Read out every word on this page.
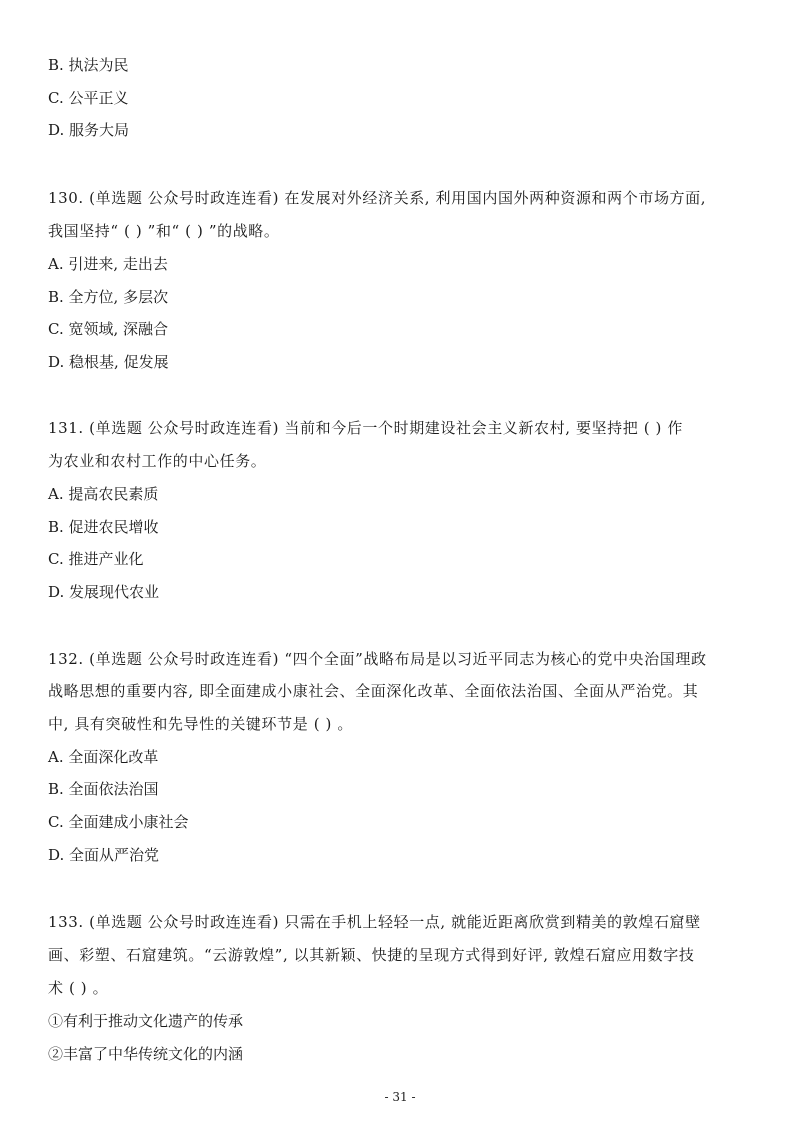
B. 执法为民
C. 公平正义
D. 服务大局
130. (单选题 公众号时政连连看) 在发展对外经济关系, 利用国内国外两种资源和两个市场方面,
我国坚持“ ( ) ”和“ ( ) ”的战略。
A. 引进来, 走出去
B. 全方位, 多层次
C. 宽领域, 深融合
D. 稳根基, 促发展
131. (单选题 公众号时政连连看) 当前和今后一个时期建设社会主义新农村, 要坚持把 ( ) 作
为农业和农村工作的中心任务。
A. 提高农民素质
B. 促进农民增收
C. 推进产业化
D. 发展现代农业
132. (单选题 公众号时政连连看) “四个全面”战略布局是以习近平同志为核心的党中央治国理政
战略思想的重要内容, 即全面建成小康社会、全面深化改革、全面依法治国、全面从严治党。其
中, 具有突破性和先导性的关键环节是 ( ) 。
A. 全面深化改革
B. 全面依法治国
C. 全面建成小康社会
D. 全面从严治党
133. (单选题 公众号时政连连看) 只需在手机上轻轻一点, 就能近距离欣赏到精美的敦煌石窟壁
画、彩塑、石窟建筑。“云游敦煌”, 以其新颖、快捷的呈现方式得到好评, 敦煌石窟应用数字技
术 ( ) 。
①有利于推动文化遗产的传承
②丰富了中华传统文化的内涵
- 31 -
